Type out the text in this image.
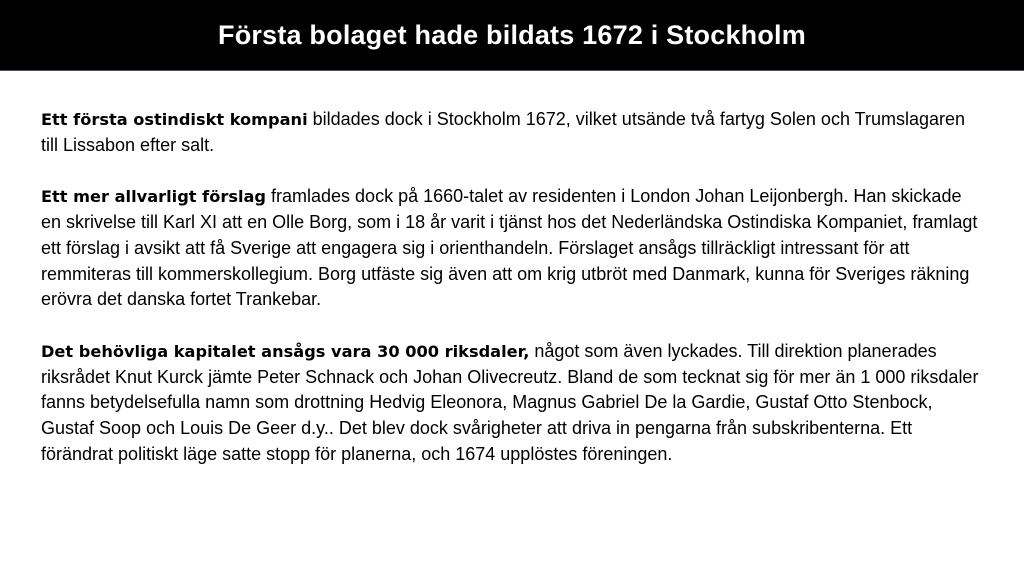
Första bolaget hade bildats 1672 i Stockholm

Ett första ostindiskt kompani bildades dock i Stockholm 1672, vilket utsände två fartyg Solen och Trumslagaren till Lissabon efter salt.

Ett mer allvarligt förslag framlades dock på 1660-talet av residenten i London Johan Leijonbergh. Han skickade en skrivelse till Karl XI att en Olle Borg, som i 18 år varit i tjänst hos det Nederländska Ostindiska Kompaniet, framlagt ett förslag i avsikt att få Sverige att engagera sig i orienthandeln. Förslaget ansågs tillräckligt intressant för att remmiteras till kommerskollegium. Borg utfäste sig även att om krig utbröt med Danmark, kunna för Sveriges räkning erövra det danska fortet Trankebar.

Det behövliga kapitalet ansågs vara 30 000 riksdaler, något som även lyckades. Till direktion planerades riksrådet Knut Kurck jämte Peter Schnack och Johan Olivecreutz. Bland de som tecknat sig för mer än 1 000 riksdaler fanns betydelsefulla namn som drottning Hedvig Eleonora, Magnus Gabriel De la Gardie, Gustaf Otto Stenbock, Gustaf Soop och Louis De Geer d.y.. Det blev dock svårigheter att driva in pengarna från subskribenterna. Ett förändrat politiskt läge satte stopp för planerna, och 1674 upplöstes föreningen.
